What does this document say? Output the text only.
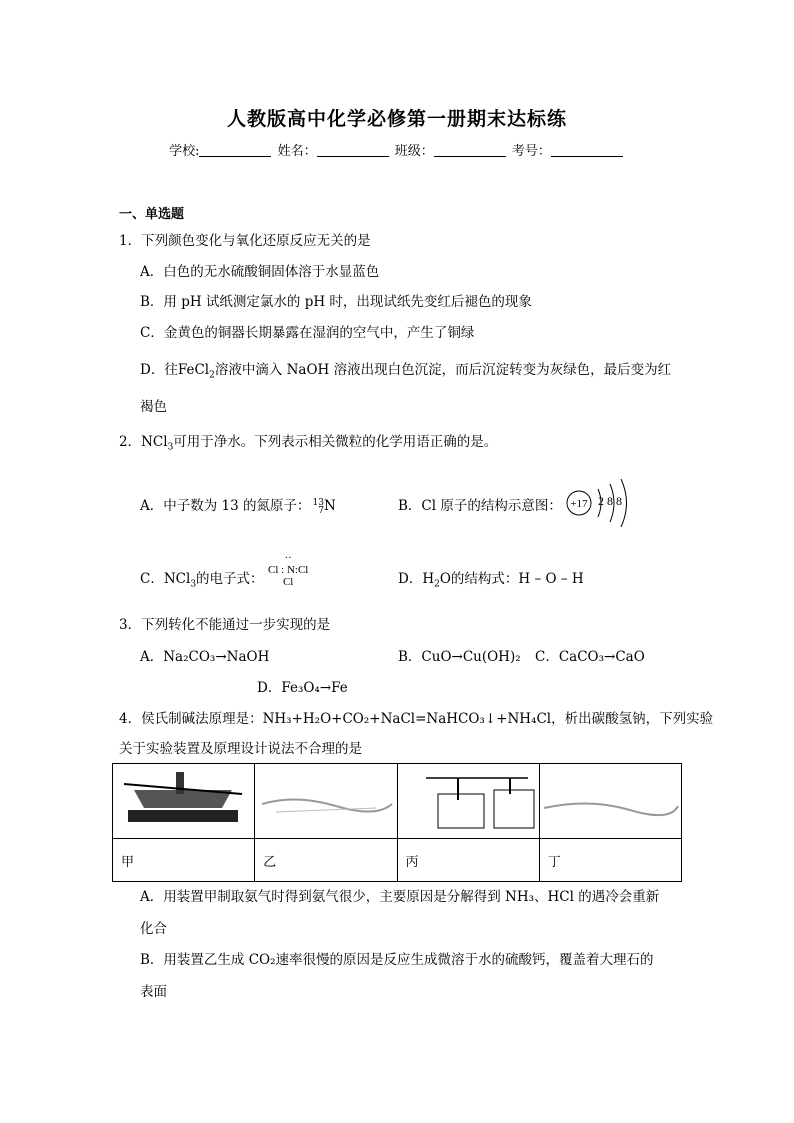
人教版高中化学必修第一册期末达标练
学校:	姓名：	班级：	考号：
一、单选题
1．下列颜色变化与氧化还原反应无关的是
A．白色的无水硫酸铜固体溶于水显蓝色
B．用 pH 试纸测定氯水的 pH 时，出现试纸先变红后褪色的现象
C．金黄色的铜器长期暴露在湿润的空气中，产生了铜绿
D．往FeCl$_2$溶液中滴入 NaOH 溶液出现白色沉淀，而后沉淀转变为灰绿色，最后变为红
褐色
2．NCl$_3$可用于净水。下列表示相关微粒的化学用语正确的是。
A．中子数为 13 的氮原子： 13
7N	B．Cl 原子的结构示意图： +17 2 8 8
C．NCl$_3$的电子式：
··
Cl : N:Cl
Cl	D．$H_2O$的结构式：H – O – H
3．下列转化不能通过一步实现的是
A．Na₂CO₃→NaOH	B．CuO→Cu(OH)₂ C．CaCO₃→CaO
D．Fe₃O₄→Fe
4．侯氏制碱法原理是：NH₃+H₂O+CO₂+NaCl=NaHCO₃↓+NH₄Cl，析出碳酸氢钠，下列实验
关于实验装置及原理设计说法不合理的是

甲	乙	丙	丁
A．用装置甲制取氨气时得到氨气很少，主要原因是分解得到 NH₃、HCl 的遇冷会重新
化合
B．用装置乙生成 CO₂速率很慢的原因是反应生成微溶于水的硫酸钙，覆盖着大理石的
表面
